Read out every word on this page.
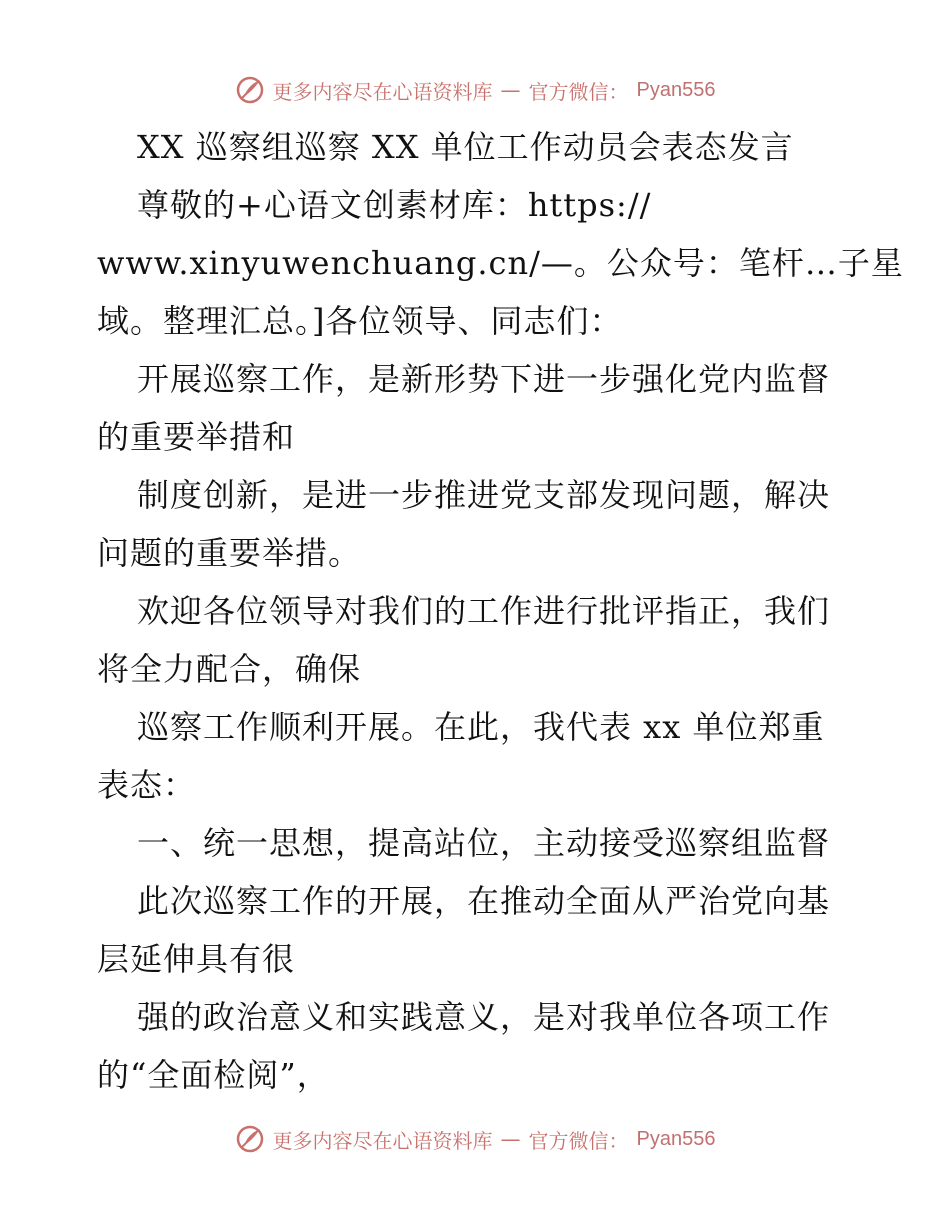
更多内容尽在心语资料库 — 官方微信： Pyan556
XX 巡察组巡察 XX 单位工作动员会表态发言
尊敬的+心语文创素材库：https://
www.xinyuwenchuang.cn/—。公众号：笔杆…子星
域。整理汇总。]各位领导、同志们：
开展巡察工作，是新形势下进一步强化党内监督
的重要举措和
制度创新，是进一步推进党支部发现问题，解决
问题的重要举措。
欢迎各位领导对我们的工作进行批评指正，我们
将全力配合，确保
巡察工作顺利开展。在此，我代表 xx 单位郑重
表态：
一、统一思想，提高站位，主动接受巡察组监督
此次巡察工作的开展，在推动全面从严治党向基
层延伸具有很
强的政治意义和实践意义，是对我单位各项工作
的“全面检阅”，
更多内容尽在心语资料库 — 官方微信： Pyan556
